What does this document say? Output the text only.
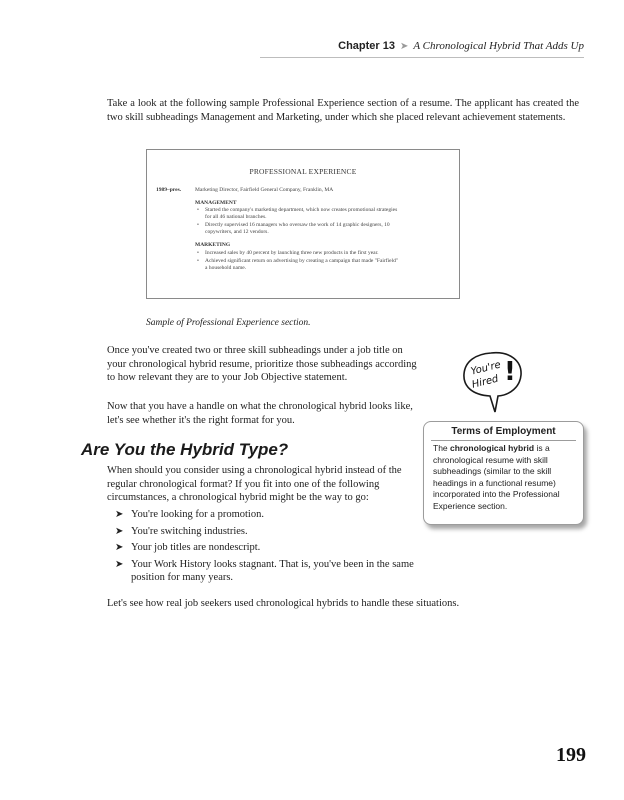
Chapter 13 ➤ A Chronological Hybrid That Adds Up
Take a look at the following sample Professional Experience section of a resume. The applicant has created the two skill subheadings Management and Marketing, under which she placed relevant achievement statements.
PROFESSIONAL EXPERIENCE
1989–pres.	Marketing Director, Fairfield General Company, Franklin, MA
MANAGEMENT
• Started the company's marketing department, which now creates promotional strategies
for all 46 national branches.
• Directly supervised 16 managers who oversaw the work of 14 graphic designers, 10
copywriters, and 12 vendors.
MARKETING
• Increased sales by 40 percent by launching three new products in the first year.
• Achieved significant return on advertising by creating a campaign that made "Fairfield"
a household name.
Sample of Professional Experience section.
Once you've created two or three skill subheadings under a job title on your chronological hybrid resume, prioritize those subheadings according to how relevant they are to your Job Objective statement.
Now that you have a handle on what the chronological hybrid looks like, let's see whether it's the right format for you.
Are You the Hybrid Type?
When should you consider using a chronological hybrid instead of the regular chronological format? If you fit into one of the following circumstances, a chronological hybrid might be the way to go:
➤ You're looking for a promotion.
➤ You're switching industries.
➤ Your job titles are nondescript.
➤ Your Work History looks stagnant. That is, you've been in the same position for many years.
Let's see how real job seekers used chronological hybrids to handle these situations.
You're
Hired !
Terms of Employment
The chronological hybrid is a chronological resume with skill subheadings (similar to the skill headings in a functional resume) incorporated into the Professional Experience section.
199
